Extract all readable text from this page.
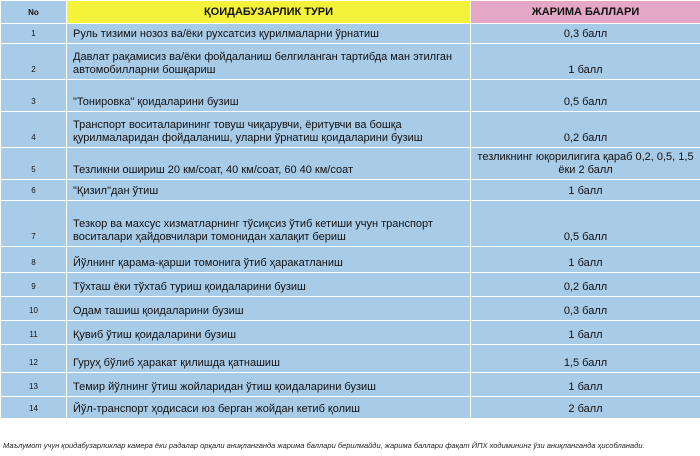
No	ҚОИДАБУЗАРЛИК ТУРИ	ЖАРИМА БАЛЛАРИ
1	Руль тизими нозоз ва/ёки рухсатсиз қурилмаларни ўрнатиш	0,3 балл
2	Давлат рақамисиз ва/ёки фойдаланиш белгиланган тартибда ман этилган автомобилларни бошқариш	1 балл
3	"Тонировка" қоидаларини бузиш	0,5 балл
4	Транспорт воситаларининг товуш чиқарувчи, ёритувчи ва бошқа қурилмаларидан фойдаланиш, уларни ўрнатиш қоидаларини бузиш	0,2 балл
5	Тезликни ошириш 20 км/соат, 40 км/соат, 60 40 км/соат	тезликнинг юқорилигига қараб 0,2, 0,5, 1,5 ёки 2 балл
6	"Қизил"дан ўтиш	1 балл
7	Тезкор ва махсус хизматларнинг тўсиқсиз ўтиб кетиши учун транспорт воситалари ҳайдовчилари томонидан халақит бериш	0,5 балл
8	Йўлнинг қарама-қарши томонига ўтиб ҳаракатланиш	1 балл
9	Тўхташ ёки тўхтаб туриш қоидаларини бузиш	0,2 балл
10	Одам ташиш қоидаларини бузиш	0,3 балл
11	Қувиб ўтиш қоидаларини бузиш	1 балл
12	Гуруҳ бўлиб ҳаракат қилишда қатнашиш	1,5 балл
13	Темир йўлнинг ўтиш жойларидан ўтиш қоидаларини бузиш	1 балл
14	Йўл-транспорт ҳодисаси юз берган жойдан кетиб қолиш	2 балл
Маълумот учун қоидабузарликлар камера ёки радалар орқали аниқланганда жарима баллари берилмайди, жарима баллари фақат ЙПХ ходимининг ўзи аниқланганда ҳисобланади.
